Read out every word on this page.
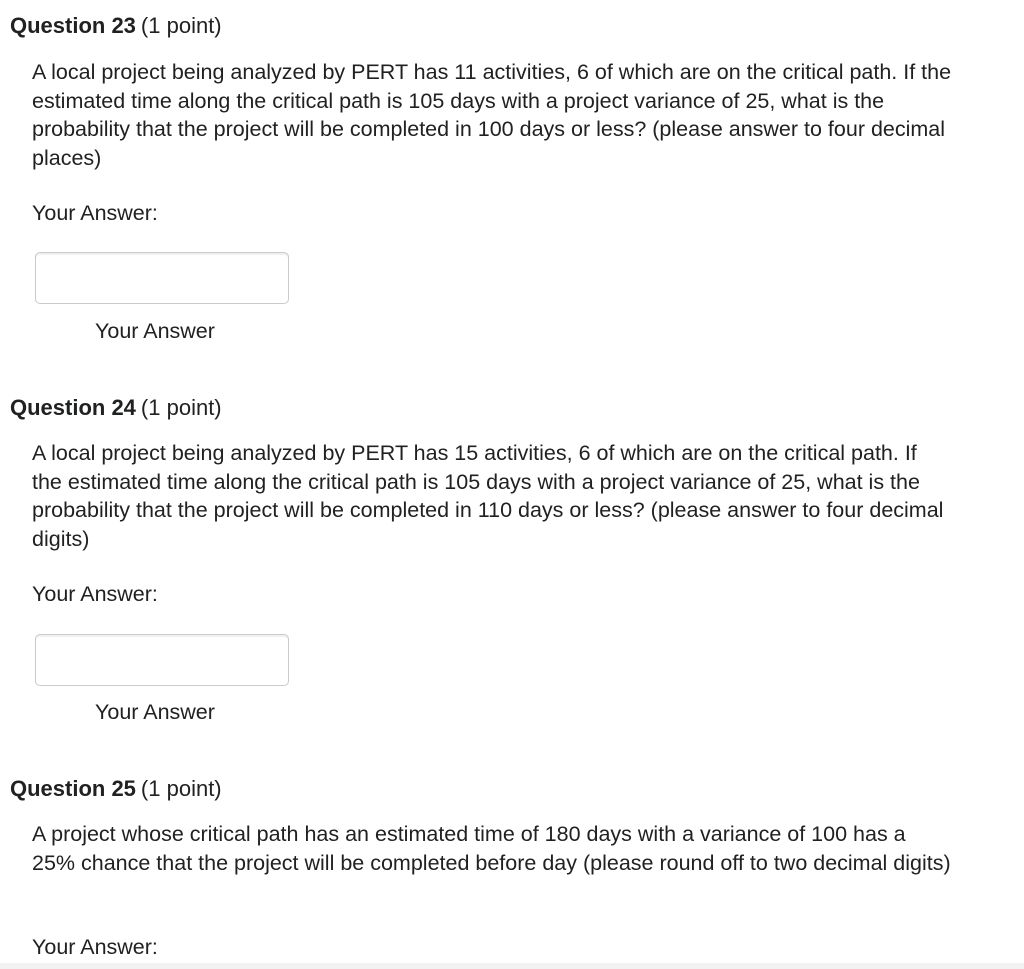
Question 23 (1 point)
A local project being analyzed by PERT has 11 activities, 6 of which are on the critical path. If the estimated time along the critical path is 105 days with a project variance of 25, what is the probability that the project will be completed in 100 days or less? (please answer to four decimal places)
Your Answer:
Your Answer
Question 24 (1 point)
A local project being analyzed by PERT has 15 activities, 6 of which are on the critical path. If the estimated time along the critical path is 105 days with a project variance of 25, what is the probability that the project will be completed in 110 days or less? (please answer to four decimal digits)
Your Answer:
Your Answer
Question 25 (1 point)
A project whose critical path has an estimated time of 180 days with a variance of 100 has a 25% chance that the project will be completed before day (please round off to two decimal digits)
Your Answer:
